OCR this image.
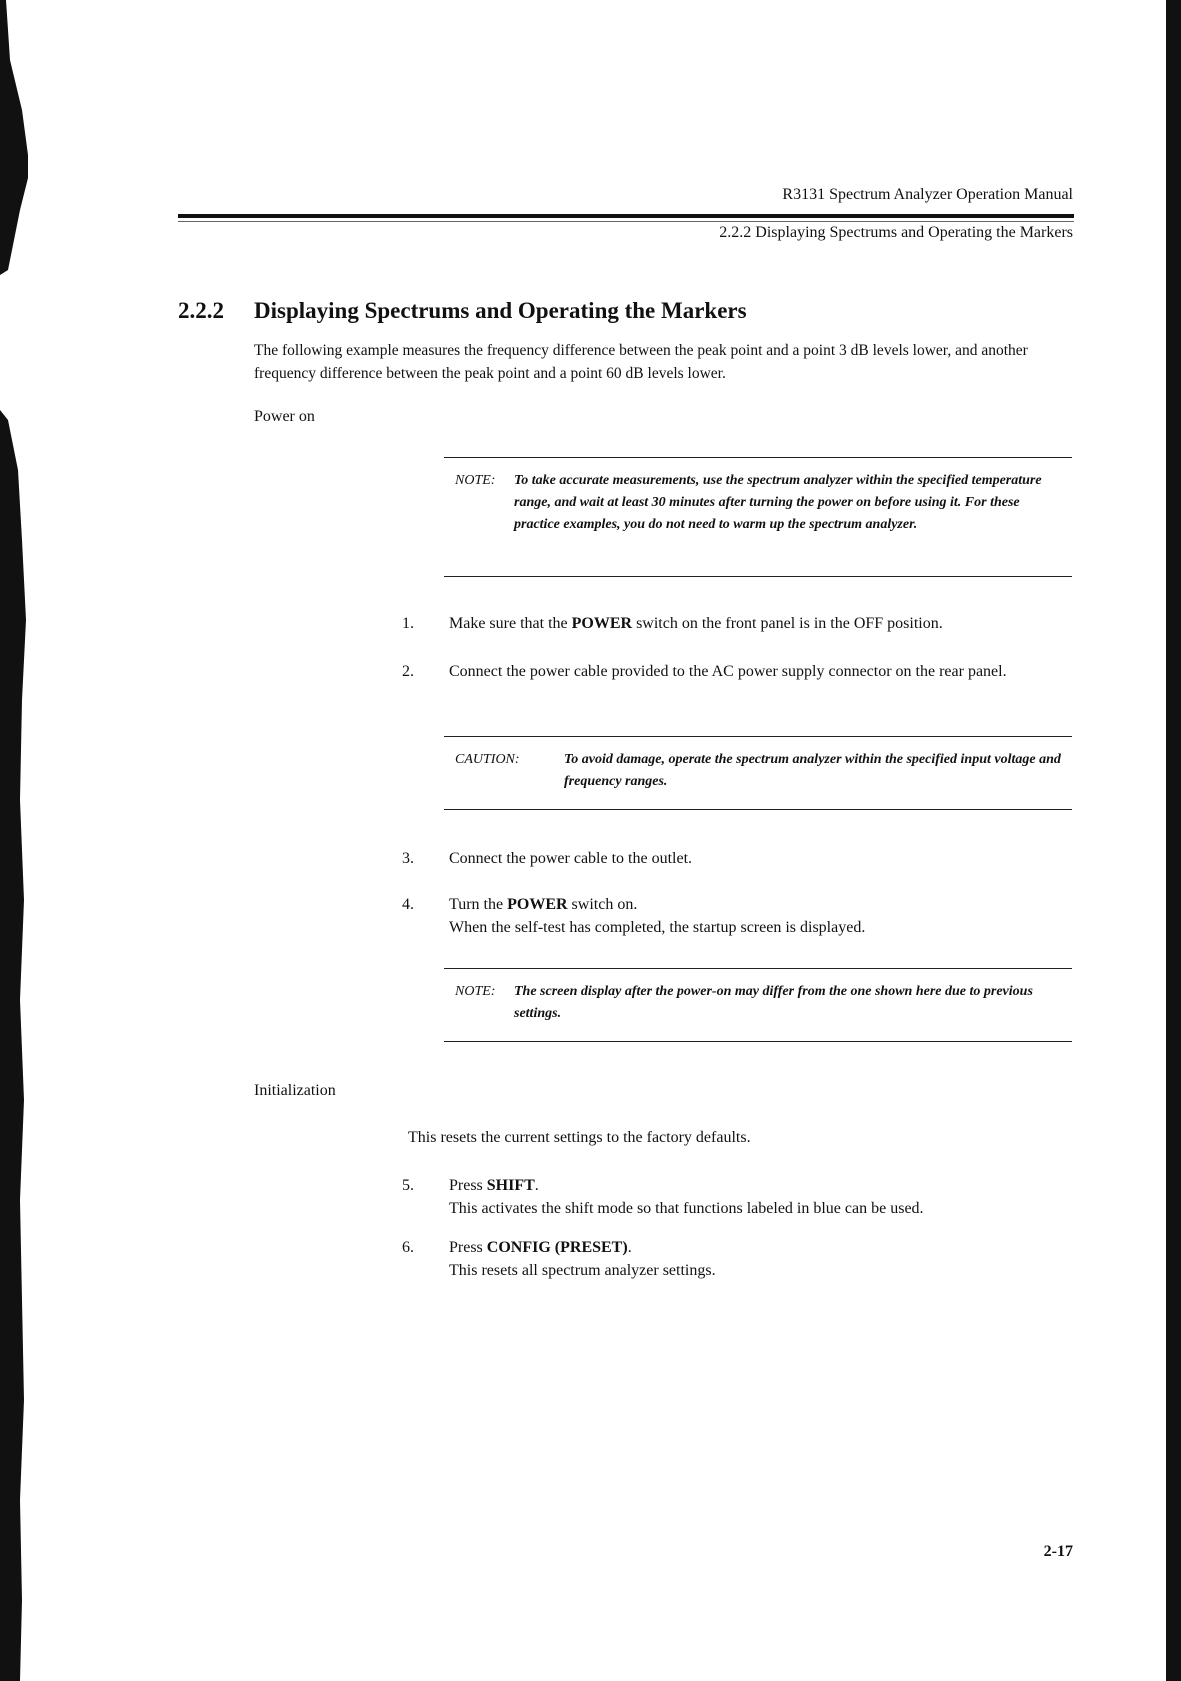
R3131 Spectrum Analyzer Operation Manual
2.2.2 Displaying Spectrums and Operating the Markers
2.2.2 Displaying Spectrums and Operating the Markers
The following example measures the frequency difference between the peak point and a point 3 dB levels lower, and another frequency difference between the peak point and a point 60 dB levels lower.
Power on
NOTE: To take accurate measurements, use the spectrum analyzer within the specified temperature range, and wait at least 30 minutes after turning the power on before using it. For these practice examples, you do not need to warm up the spectrum analyzer.
1. Make sure that the POWER switch on the front panel is in the OFF position.
2. Connect the power cable provided to the AC power supply connector on the rear panel.
CAUTION:	To avoid damage, operate the spectrum analyzer within the specified input voltage and frequency ranges.
3. Connect the power cable to the outlet.
4. Turn the POWER switch on.
When the self-test has completed, the startup screen is displayed.
NOTE: The screen display after the power-on may differ from the one shown here due to previous settings.
Initialization
This resets the current settings to the factory defaults.
5. Press SHIFT.
This activates the shift mode so that functions labeled in blue can be used.
6. Press CONFIG (PRESET).
This resets all spectrum analyzer settings.
2-17
